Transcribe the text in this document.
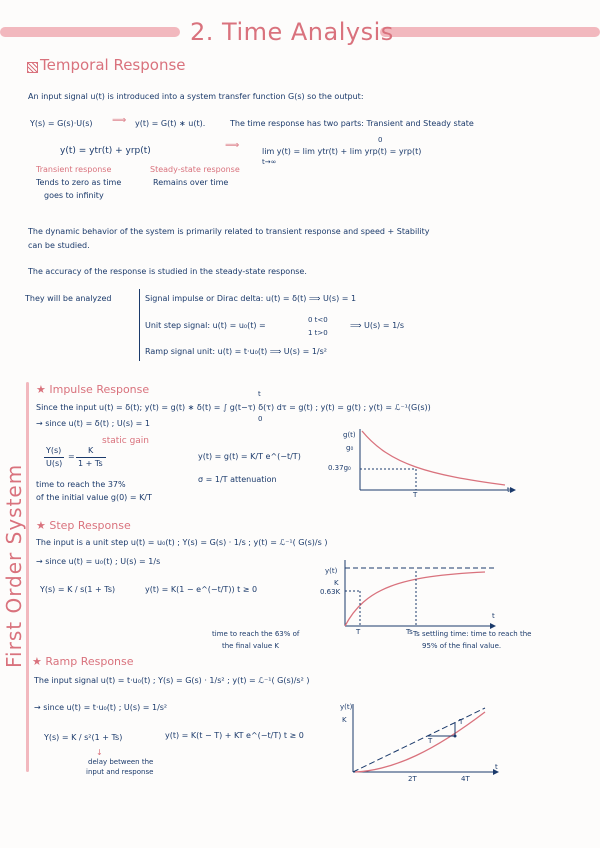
2. Time Analysis
Temporal Response
An input signal u(t) is introduced into a system transfer function G(s) so the output:
Y(s) = G(s)·U(s) ⟹ y(t) = G(t) ∗ u(t).	The time response has two parts: Transient and Steady state
y(t) = ytr(t) + yrp(t)	⟹
lim y(t) = lim ytr(t) + lim yrp(t) = yrp(t)
t→∞
0
Transient response
Tends to zero as time
goes to infinity
Steady-state response
Remains over time
The dynamic behavior of the system is primarily related to transient response and speed + Stability
can be studied.
The accuracy of the response is studied in the steady-state response.
They will be analyzed	Signal impulse or Dirac delta: u(t) = δ(t) ⟹ U(s) = 1
Unit step signal: u(t) = u₀(t) =
0 t<0
1 t>0
⟹ U(s) = 1/s
Ramp signal unit: u(t) = t·u₀(t) ⟹ U(s) = 1/s²
First Order System
★ Impulse Response
Since the input u(t) = δ(t); y(t) = g(t) ∗ δ(t) = ∫ g(t−τ) δ(τ) dτ = g(t) ; y(t) = g(t) ; y(t) = ℒ⁻¹(G(s))
t
0
→ since u(t) = δ(t) ; U(s) = 1
Y(s)
U(s)
=
K
1 + Ts
static gain
y(t) = g(t) = K/T e^(−t/T)
σ = 1/T attenuation
time to reach the 37%
of the initial value g(0) = K/T
g(t)
g₀
0.37g₀
T
t
★ Step Response
The input is a unit step u(t) = u₀(t) ; Y(s) = G(s) · 1/s ; y(t) = ℒ⁻¹( G(s)/s )
→ since u(t) = u₀(t) ; U(s) = 1/s
Y(s) = K / s(1 + Ts)	y(t) = K(1 − e^(−t/T)) t ≥ 0
y(t)
K
0.63K
T	Ts
t
time to reach the 63% of
the final value K
Ts settling time: time to reach the
95% of the final value.
★ Ramp Response
The input signal u(t) = t·u₀(t) ; Y(s) = G(s) · 1/s² ; y(t) = ℒ⁻¹( G(s)/s² )
→ since u(t) = t·u₀(t) ; U(s) = 1/s²
Y(s) = K / s²(1 + Ts)	y(t) = K(t − T) + KT e^(−t/T) t ≥ 0
↓
delay between the
input and response
y(t)
K
T
T
2T	4T
t
